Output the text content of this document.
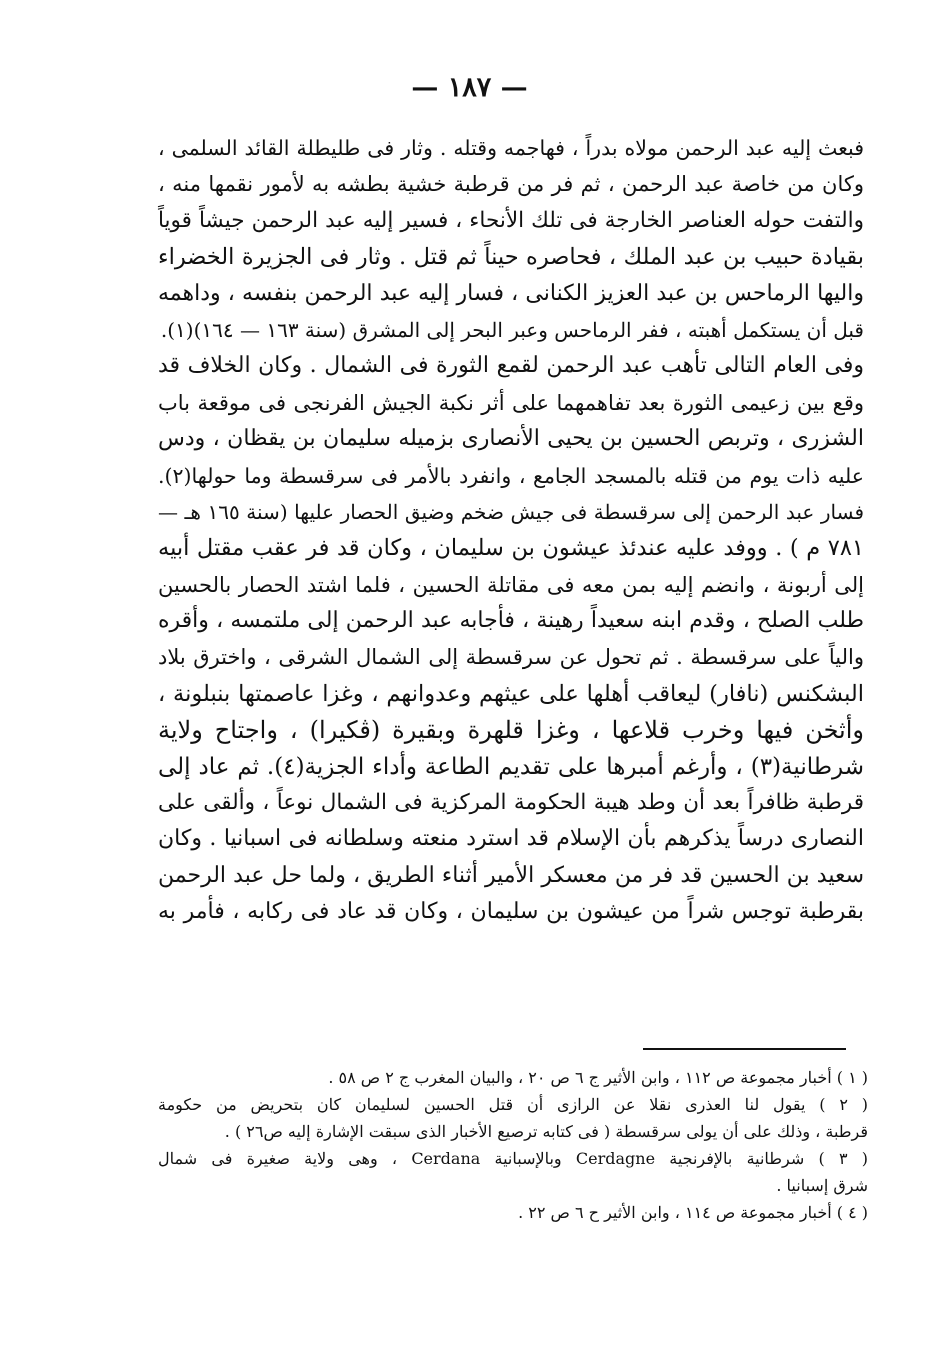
— ١٨٧ —
فبعث إليه عبد الرحمن مولاه بدراً ، فهاجمه وقتله . وثار فى طليطلة القائد السلمى ،
وكان من خاصة عبد الرحمن ، ثم فر من قرطبة خشية بطشه به لأمور نقمها منه ،
والتفت حوله العناصر الخارجة فى تلك الأنحاء ، فسير إليه عبد الرحمن جيشاً قوياً
بقيادة حبيب بن عبد الملك ، فحاصره حيناً ثم قتل . وثار فى الجزيرة الخضراء
واليها الرماحس بن عبد العزيز الكنانى ، فسار إليه عبد الرحمن بنفسه ، وداهمه
قبل أن يستكمل أهبته ، ففر الرماحس وعبر البحر إلى المشرق (سنة ١٦٣ — ١٦٤)(١).
وفى العام التالى تأهب عبد الرحمن لقمع الثورة فى الشمال . وكان الخلاف قد
وقع بين زعيمى الثورة بعد تفاهمهما على أثر نكبة الجيش الفرنجى فى موقعة باب
الشزرى ، وتربص الحسين بن يحيى الأنصارى بزميله سليمان بن يقظان ، ودس
عليه ذات يوم من قتله بالمسجد الجامع ، وانفرد بالأمر فى سرقسطة وما حولها(٢).
فسار عبد الرحمن إلى سرقسطة فى جيش ضخم وضيق الحصار عليها (سنة ١٦٥ هـ —
٧٨١ م ) . ووفد عليه عندئذ عيشون بن سليمان ، وكان قد فر عقب مقتل أبيه
إلى أربونة ، وانضم إليه بمن معه فى مقاتلة الحسين ، فلما اشتد الحصار بالحسين
طلب الصلح ، وقدم ابنه سعيداً رهينة ، فأجابه عبد الرحمن إلى ملتمسه ، وأقره
والياً على سرقسطة . ثم تحول عن سرقسطة إلى الشمال الشرقى ، واخترق بلاد
البشكنس (نافار) ليعاقب أهلها على عيثهم وعدوانهم ، وغزا عاصمتها بنبلونة ،
وأثخن فيها وخرب قلاعها ، وغزا قلهرة وبقيرة (ڤكيرا) ، واجتاح ولاية
شرطانية(٣) ، وأرغم أمبرها على تقديم الطاعة وأداء الجزية(٤). ثم عاد إلى
قرطبة ظافراً بعد أن وطد هيبة الحكومة المركزية فى الشمال نوعاً ، وألقى على
النصارى درساً يذكرهم بأن الإسلام قد استرد منعته وسلطانه فى اسبانيا . وكان
سعيد بن الحسين قد فر من معسكر الأمير أثناء الطريق ، ولما حل عبد الرحمن
بقرطبة توجس شراً من عيشون بن سليمان ، وكان قد عاد فى ركابه ، فأمر به
( ١ ) أخبار مجموعة ص ١١٢ ، وابن الأثير ج ٦ ص ٢٠ ، والبيان المغرب ج ٢ ص ٥٨ .
( ٢ ) يقول لنا العذرى نقلا عن الرازى أن قتل الحسين لسليمان كان بتحريض من حكومة
قرطبة ، وذلك على أن يولى سرقسطة ( فى كتابه ترصيع الأخبار الذى سبقت الإشارة إليه ص٢٦ ) .
( ٣ ) شرطانية بالإفرنجية Cerdagne وبالإسبانية Cerdana ، وهى ولاية صغيرة فى شمال
شرق إسبانيا .
( ٤ ) أخبار مجموعة ص ١١٤ ، وابن الأثير ح ٦ ص ٢٢ .
